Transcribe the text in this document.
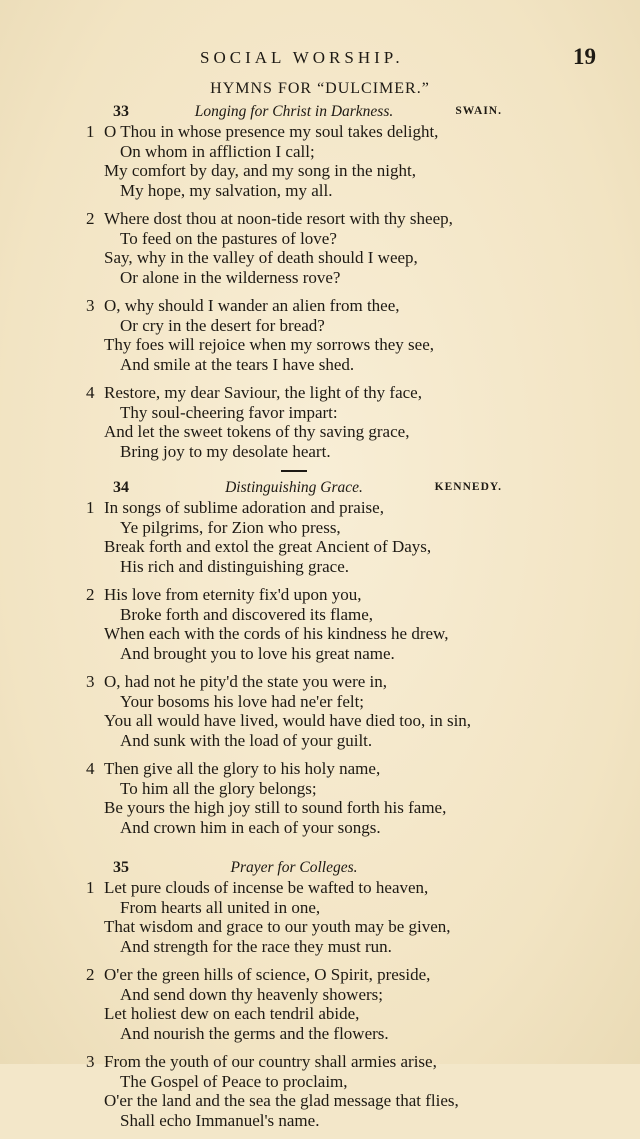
SOCIAL WORSHIP.	19
HYMNS FOR “DULCIMER.”
Longing for Christ in Darkness.
33	SWAIN.
1 O Thou in whose presence my soul takes delight,
On whom in affliction I call;
My comfort by day, and my song in the night,
My hope, my salvation, my all.
2 Where dost thou at noon-tide resort with thy sheep,
To feed on the pastures of love?
Say, why in the valley of death should I weep,
Or alone in the wilderness rove?
3 O, why should I wander an alien from thee,
Or cry in the desert for bread?
Thy foes will rejoice when my sorrows they see,
And smile at the tears I have shed.
4 Restore, my dear Saviour, the light of thy face,
Thy soul-cheering favor impart:
And let the sweet tokens of thy saving grace,
Bring joy to my desolate heart.
Distinguishing Grace.
34	KENNEDY.
1 In songs of sublime adoration and praise,
Ye pilgrims, for Zion who press,
Break forth and extol the great Ancient of Days,
His rich and distinguishing grace.
2 His love from eternity fix'd upon you,
Broke forth and discovered its flame,
When each with the cords of his kindness he drew,
And brought you to love his great name.
3 O, had not he pity'd the state you were in,
Your bosoms his love had ne'er felt;
You all would have lived, would have died too, in sin,
And sunk with the load of your guilt.
4 Then give all the glory to his holy name,
To him all the glory belongs;
Be yours the high joy still to sound forth his fame,
And crown him in each of your songs.
Prayer for Colleges.
35
1 Let pure clouds of incense be wafted to heaven,
From hearts all united in one,
That wisdom and grace to our youth may be given,
And strength for the race they must run.
2 O'er the green hills of science, O Spirit, preside,
And send down thy heavenly showers;
Let holiest dew on each tendril abide,
And nourish the germs and the flowers.
3 From the youth of our country shall armies arise,
The Gospel of Peace to proclaim,
O'er the land and the sea the glad message that flies,
Shall echo Immanuel's name.
